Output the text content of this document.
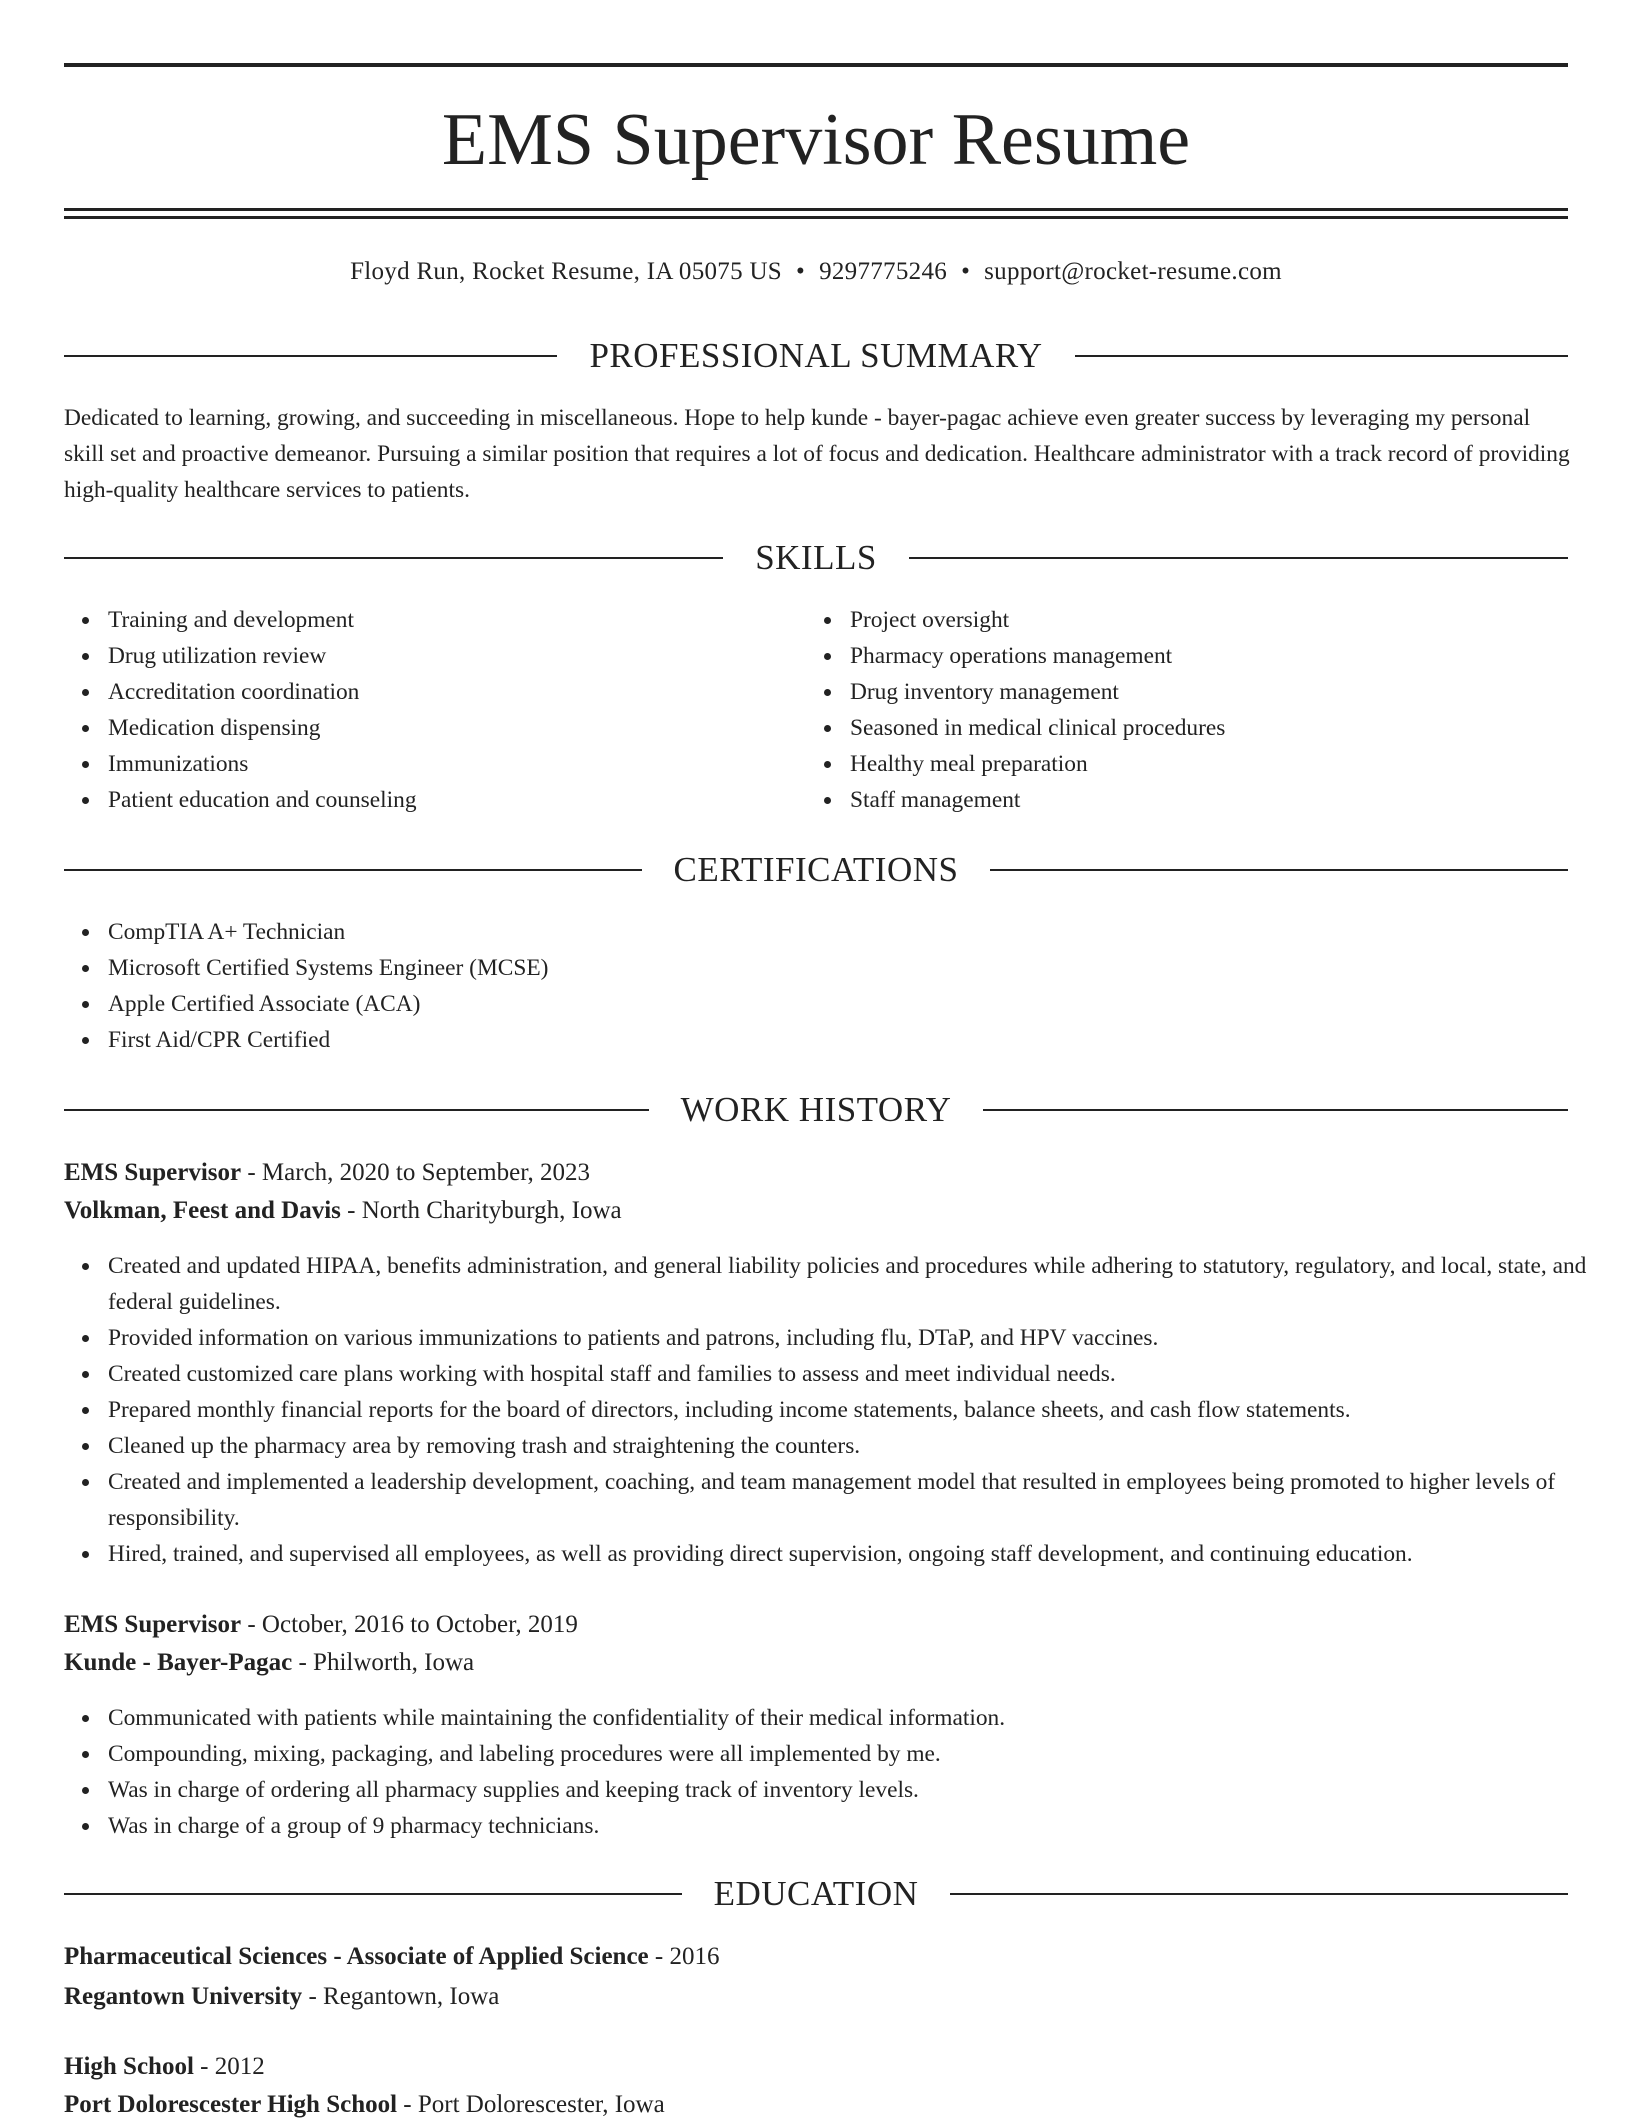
EMS Supervisor Resume
Floyd Run, Rocket Resume, IA 05075 US • 9297775246 • support@rocket-resume.com
PROFESSIONAL SUMMARY

Dedicated to learning, growing, and succeeding in miscellaneous. Hope to help kunde - bayer-pagac achieve even greater success by leveraging my personal skill set and proactive demeanor. Pursuing a similar position that requires a lot of focus and dedication. Healthcare administrator with a track record of providing high-quality healthcare services to patients.

SKILLS
Training and development
Drug utilization review
Accreditation coordination
Medication dispensing
Immunizations
Patient education and counseling
Project oversight
Pharmacy operations management
Drug inventory management
Seasoned in medical clinical procedures
Healthy meal preparation
Staff management
CERTIFICATIONS
CompTIA A+ Technician
Microsoft Certified Systems Engineer (MCSE)
Apple Certified Associate (ACA)
First Aid/CPR Certified
WORK HISTORY
EMS Supervisor - March, 2020 to September, 2023
Volkman, Feest and Davis - North Charityburgh, Iowa
Created and updated HIPAA, benefits administration, and general liability policies and procedures while adhering to statutory, regulatory, and local, state, and federal guidelines.
Provided information on various immunizations to patients and patrons, including flu, DTaP, and HPV vaccines.
Created customized care plans working with hospital staff and families to assess and meet individual needs.
Prepared monthly financial reports for the board of directors, including income statements, balance sheets, and cash flow statements.
Cleaned up the pharmacy area by removing trash and straightening the counters.
Created and implemented a leadership development, coaching, and team management model that resulted in employees being promoted to higher levels of responsibility.
Hired, trained, and supervised all employees, as well as providing direct supervision, ongoing staff development, and continuing education.
EMS Supervisor - October, 2016 to October, 2019
Kunde - Bayer-Pagac - Philworth, Iowa
Communicated with patients while maintaining the confidentiality of their medical information.
Compounding, mixing, packaging, and labeling procedures were all implemented by me.
Was in charge of ordering all pharmacy supplies and keeping track of inventory levels.
Was in charge of a group of 9 pharmacy technicians.
EDUCATION
Pharmaceutical Sciences - Associate of Applied Science - 2016
Regantown University - Regantown, Iowa
High School - 2012
Port Dolorescester High School - Port Dolorescester, Iowa
